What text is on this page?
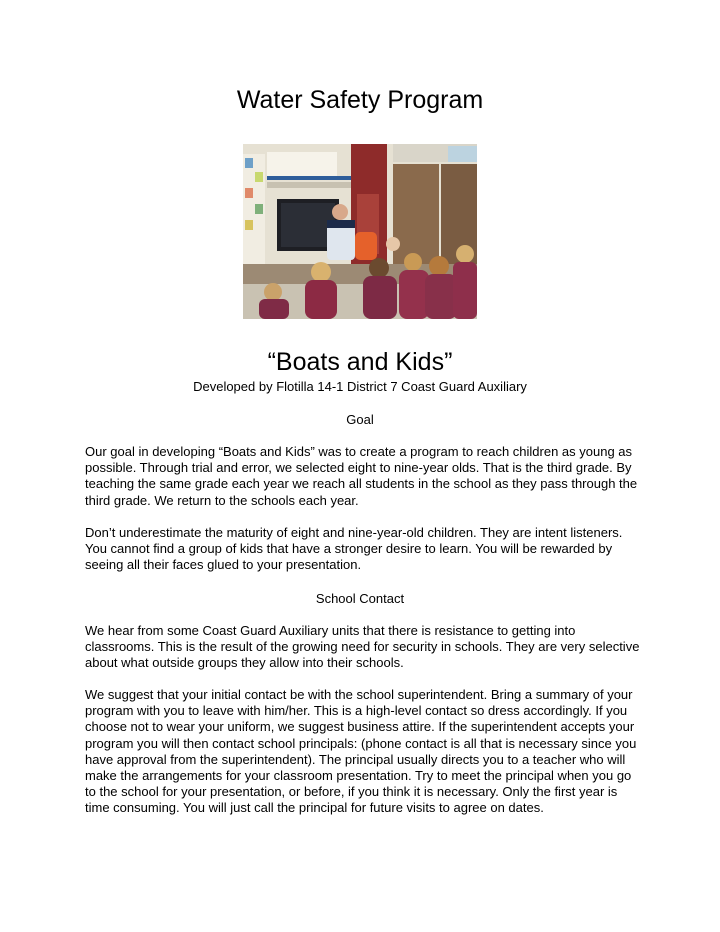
Water Safety Program
“Boats and Kids”
Developed by Flotilla 14-1 District 7 Coast Guard Auxiliary
Goal

Our goal in developing “Boats and Kids” was to create a program to reach children as young as possible. Through trial and error, we selected eight to nine-year olds. That is the third grade. By teaching the same grade each year we reach all students in the school as they pass through the third grade. We return to the schools each year.

Don’t underestimate the maturity of eight and nine-year-old children. They are intent listeners. You cannot find a group of kids that have a stronger desire to learn. You will be rewarded by seeing all their faces glued to your presentation.

School Contact

We hear from some Coast Guard Auxiliary units that there is resistance to getting into classrooms. This is the result of the growing need for security in schools. They are very selective about what outside groups they allow into their schools.

We suggest that your initial contact be with the school superintendent. Bring a summary of your program with you to leave with him/her. This is a high-level contact so dress accordingly. If you choose not to wear your uniform, we suggest business attire. If the superintendent accepts your program you will then contact school principals: (phone contact is all that is necessary since you have approval from the superintendent). The principal usually directs you to a teacher who will make the arrangements for your classroom presentation. Try to meet the principal when you go to the school for your presentation, or before, if you think it is necessary. Only the first year is time consuming. You will just call the principal for future visits to agree on dates.
